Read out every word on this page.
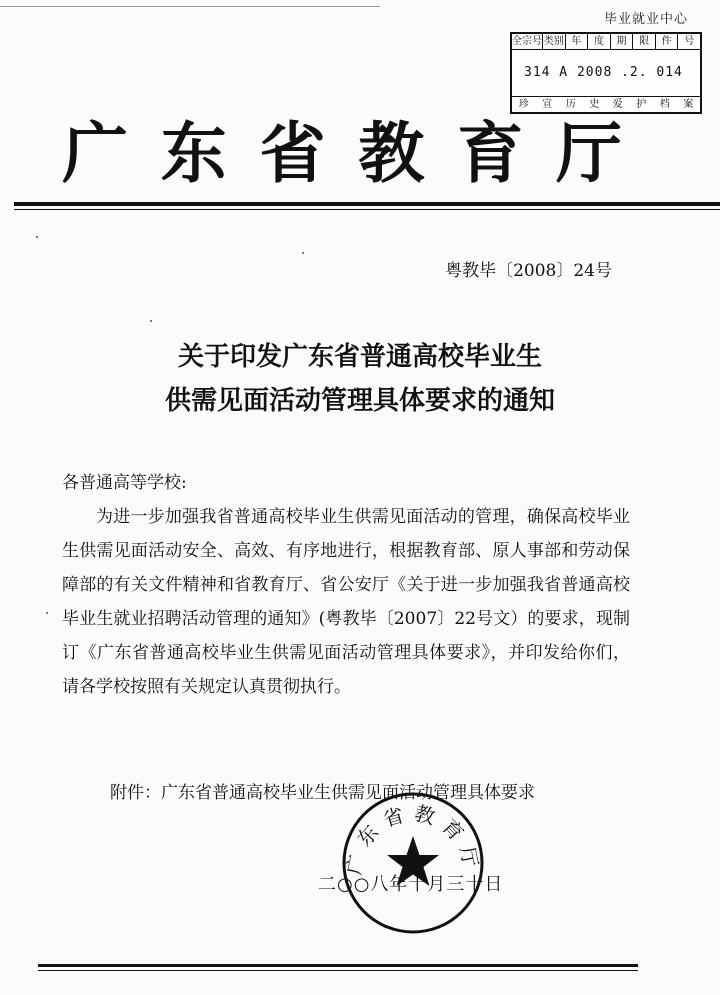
毕业就业中心
全宗号 类别 年	度	期	限	件	号
314 A 2008 .2. 014
珍 宣 历 史 爱 护 档 案
广 东 省 教 育 厅
粤教毕〔2008〕24号
关于印发广东省普通高校毕业生
供需见面活动管理具体要求的通知

各普通高等学校:

为进一步加强我省普通高校毕业生供需见面活动的管理，确保高校毕业生供需见面活动安全、高效、有序地进行，根据教育部、原人事部和劳动保障部的有关文件精神和省教育厅、省公安厅《关于进一步加强我省普通高校毕业生就业招聘活动管理的通知》(粤教毕〔2007〕22号文）的要求，现制订《广东省普通高校毕业生供需见面活动管理具体要求》，并印发给你们，请各学校按照有关规定认真贯彻执行。

附件：广东省普通高校毕业生供需见面活动管理具体要求
二○○八年十月三十日
广东省教育厅
